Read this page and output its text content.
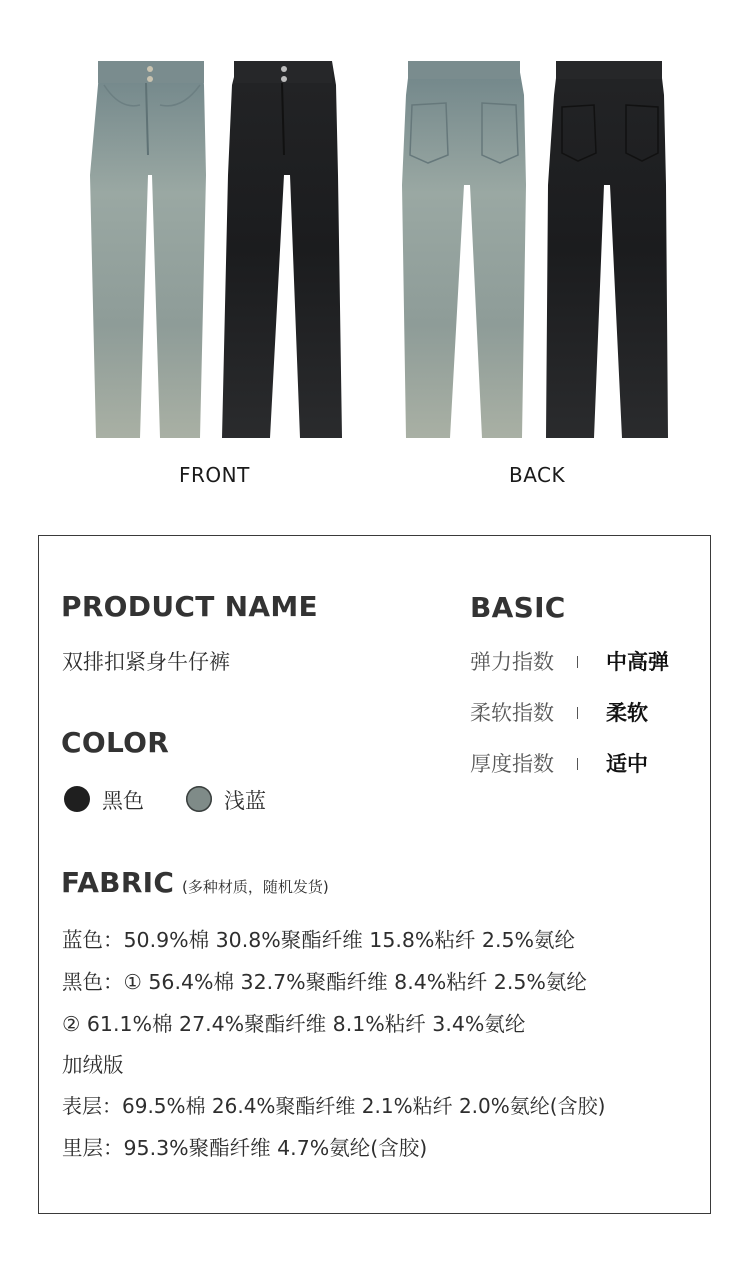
FRONT	BACK
PRODUCT NAME
双排扣紧身牛仔裤
COLOR
黑色	浅蓝
BASIC
弹力指数 中高弹
柔软指数 柔软
厚度指数 适中
FABRIC (多种材质，随机发货)
蓝色：50.9%棉 30.8%聚酯纤维 15.8%粘纤 2.5%氨纶
黑色：① 56.4%棉 32.7%聚酯纤维 8.4%粘纤 2.5%氨纶
② 61.1%棉 27.4%聚酯纤维 8.1%粘纤 3.4%氨纶
加绒版
表层：69.5%棉 26.4%聚酯纤维 2.1%粘纤 2.0%氨纶(含胶)
里层：95.3%聚酯纤维 4.7%氨纶(含胶)
